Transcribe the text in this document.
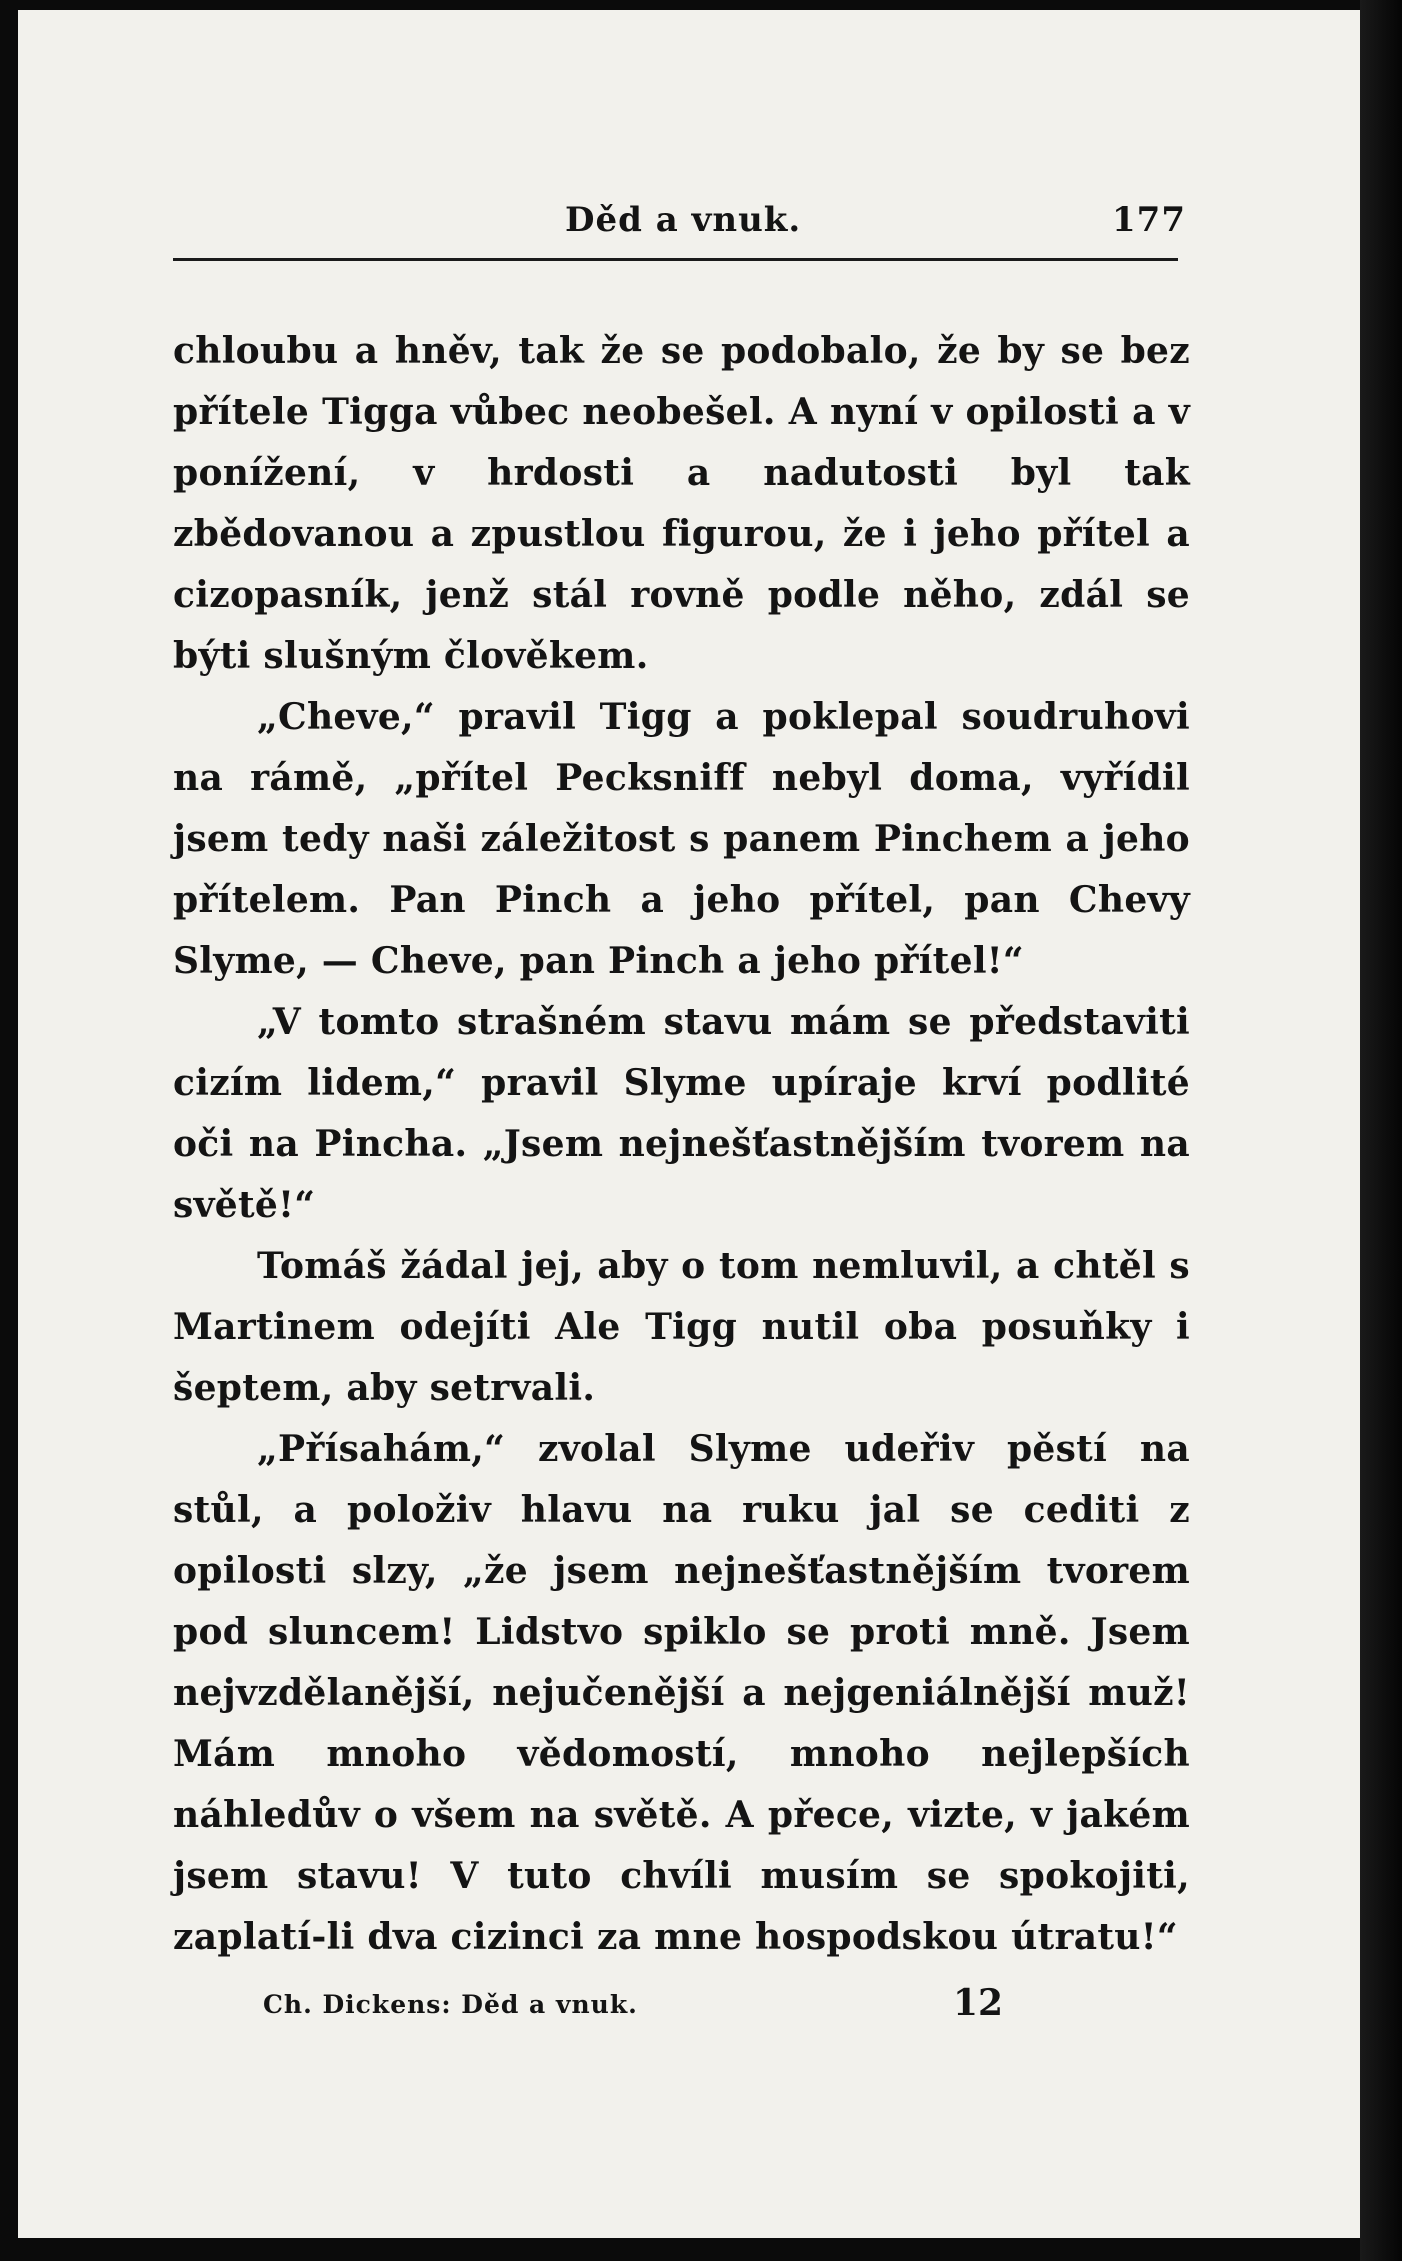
Děd a vnuk.	177

chloubu a hněv, tak že se podobalo, že by se bez přítele Tigga vůbec neobešel. A nyní v opilosti a v ponížení, v hrdosti a nadutosti byl tak zbědovanou a zpustlou figurou, že i jeho přítel a cizopasník, jenž stál rovně podle něho, zdál se býti slušným člověkem.

„Cheve,“ pravil Tigg a poklepal soudruhovi na rámě, „přítel Pecksniff nebyl doma, vyřídil jsem tedy naši záležitost s panem Pinchem a jeho přítelem. Pan Pinch a jeho přítel, pan Chevy Slyme, — Cheve, pan Pinch a jeho přítel!“

„V tomto strašném stavu mám se představiti cizím lidem,“ pravil Slyme upíraje krví podlité oči na Pincha. „Jsem nejnešťastnějším tvorem na světě!“

Tomáš žádal jej, aby o tom nemluvil, a chtěl s Martinem odejíti Ale Tigg nutil oba posuňky i šeptem, aby setrvali.

„Přísahám,“ zvolal Slyme udeřiv pěstí na stůl, a položiv hlavu na ruku jal se cediti z opilosti slzy, „že jsem nejnešťastnějším tvorem pod sluncem! Lidstvo spiklo se proti mně. Jsem nejvzdělanější, nejučenější a nejgeniálnější muž! Mám mnoho vědomostí, mnoho nejlepších náhledův o všem na světě. A přece, vizte, v jakém jsem stavu! V tuto chvíli musím se spokojiti, zaplatí-li dva cizinci za mne hospodskou útratu!“

Ch. Dickens: Děd a vnuk.	12
